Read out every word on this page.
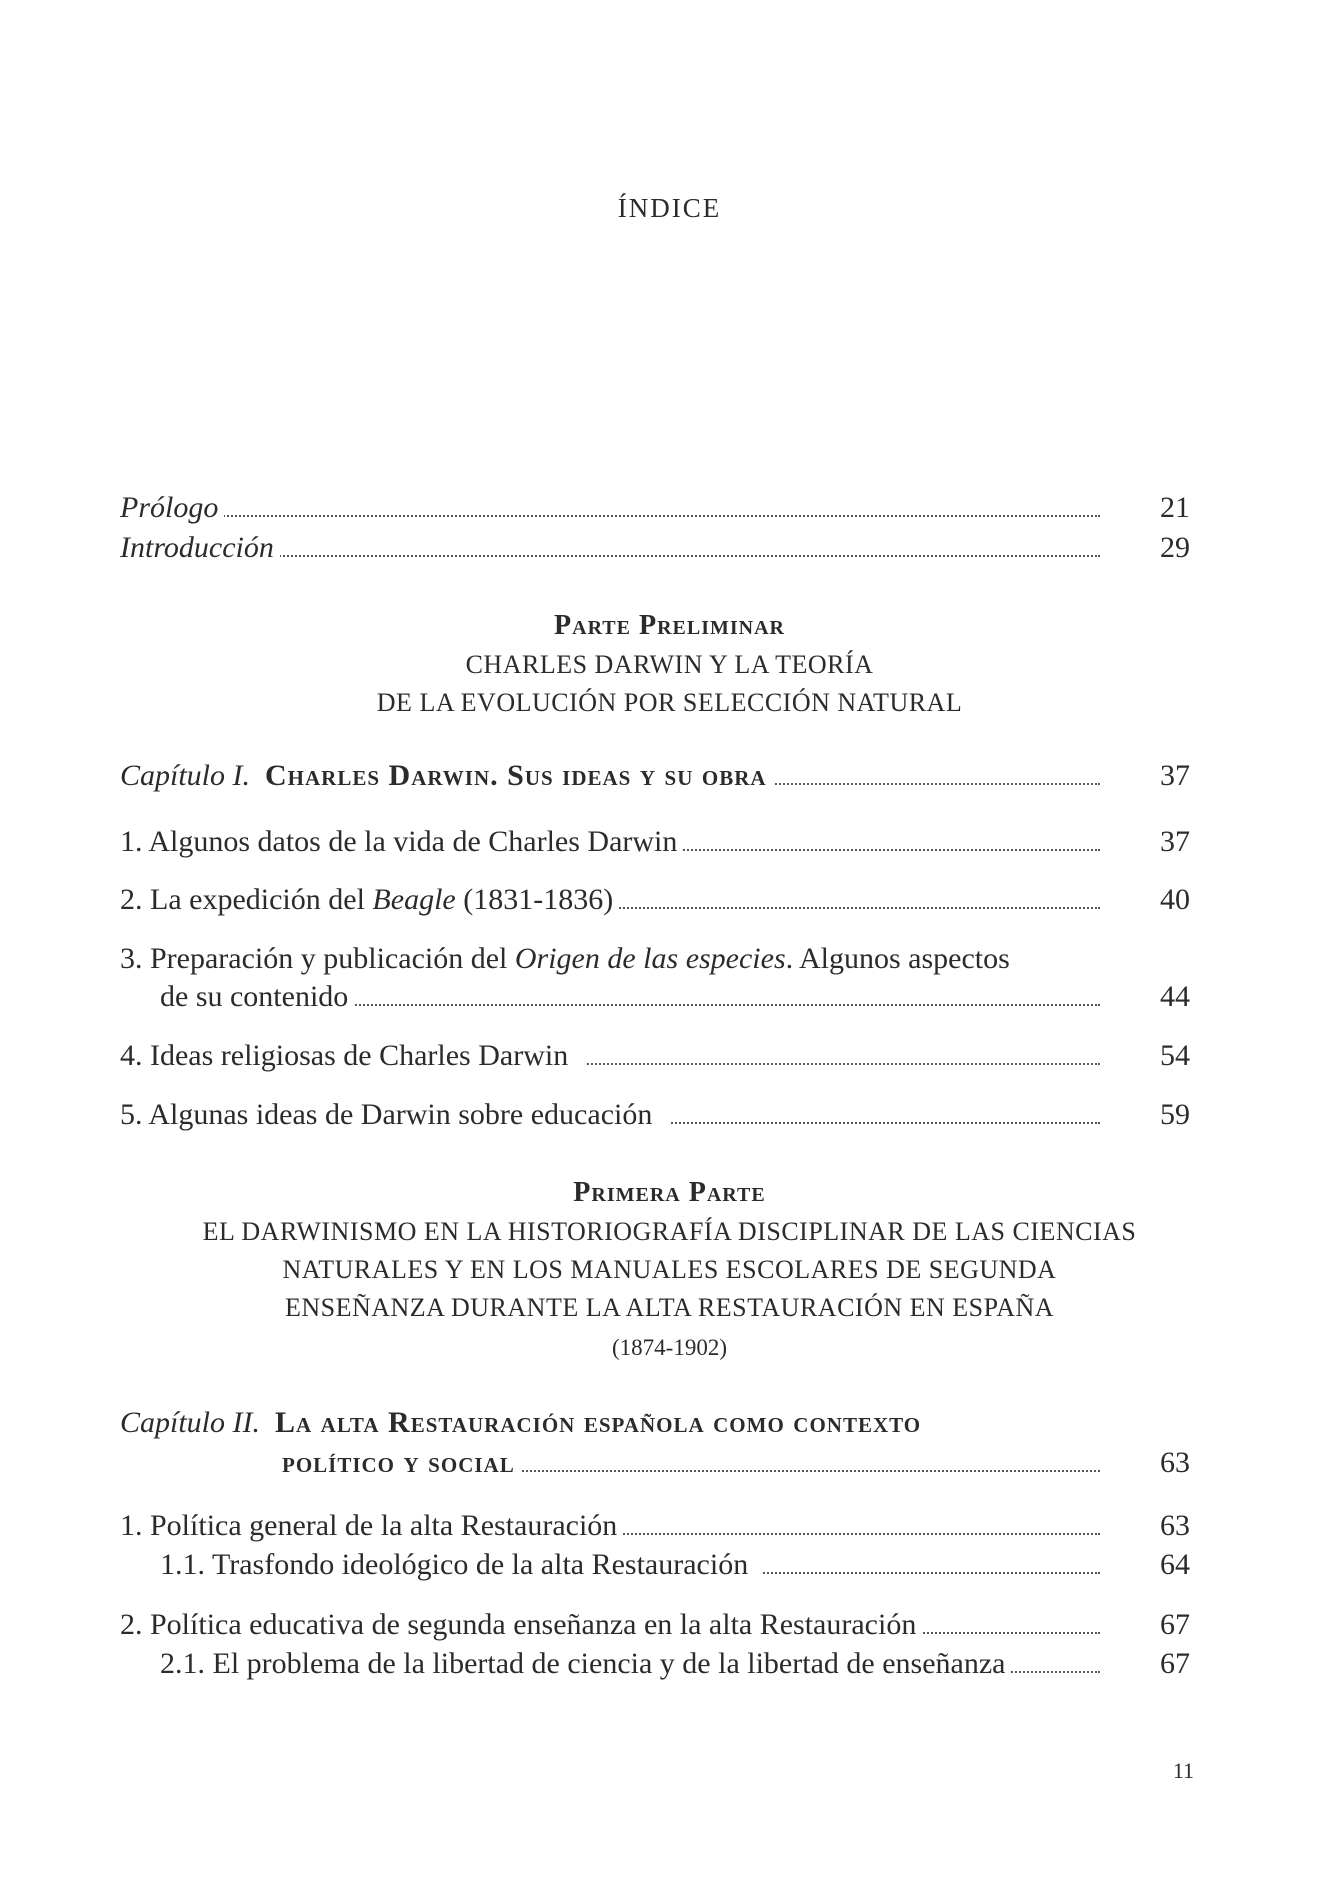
ÍNDICE
Prólogo	21
Introducción	29
Parte Preliminar
CHARLES DARWIN Y LA TEORÍA
DE LA EVOLUCIÓN POR SELECCIÓN NATURAL
Capítulo I. Charles Darwin. Sus ideas y su obra	37
1. Algunos datos de la vida de Charles Darwin	37
2. La expedición del Beagle (1831-1836)	40
3. Preparación y publicación del Origen de las especies. Algunos aspectos
de su contenido	44
4. Ideas religiosas de Charles Darwin	54
5. Algunas ideas de Darwin sobre educación	59
Primera Parte
EL DARWINISMO EN LA HISTORIOGRAFÍA DISCIPLINAR DE LAS CIENCIAS
NATURALES Y EN LOS MANUALES ESCOLARES DE SEGUNDA
ENSEÑANZA DURANTE LA ALTA RESTAURACIÓN EN ESPAÑA
(1874-1902)
Capítulo II. La alta Restauración española como contexto
político y social	63
1. Política general de la alta Restauración	63
1.1. Trasfondo ideológico de la alta Restauración	64
2. Política educativa de segunda enseñanza en la alta Restauración	67
2.1. El problema de la libertad de ciencia y de la libertad de enseñanza	67
11
